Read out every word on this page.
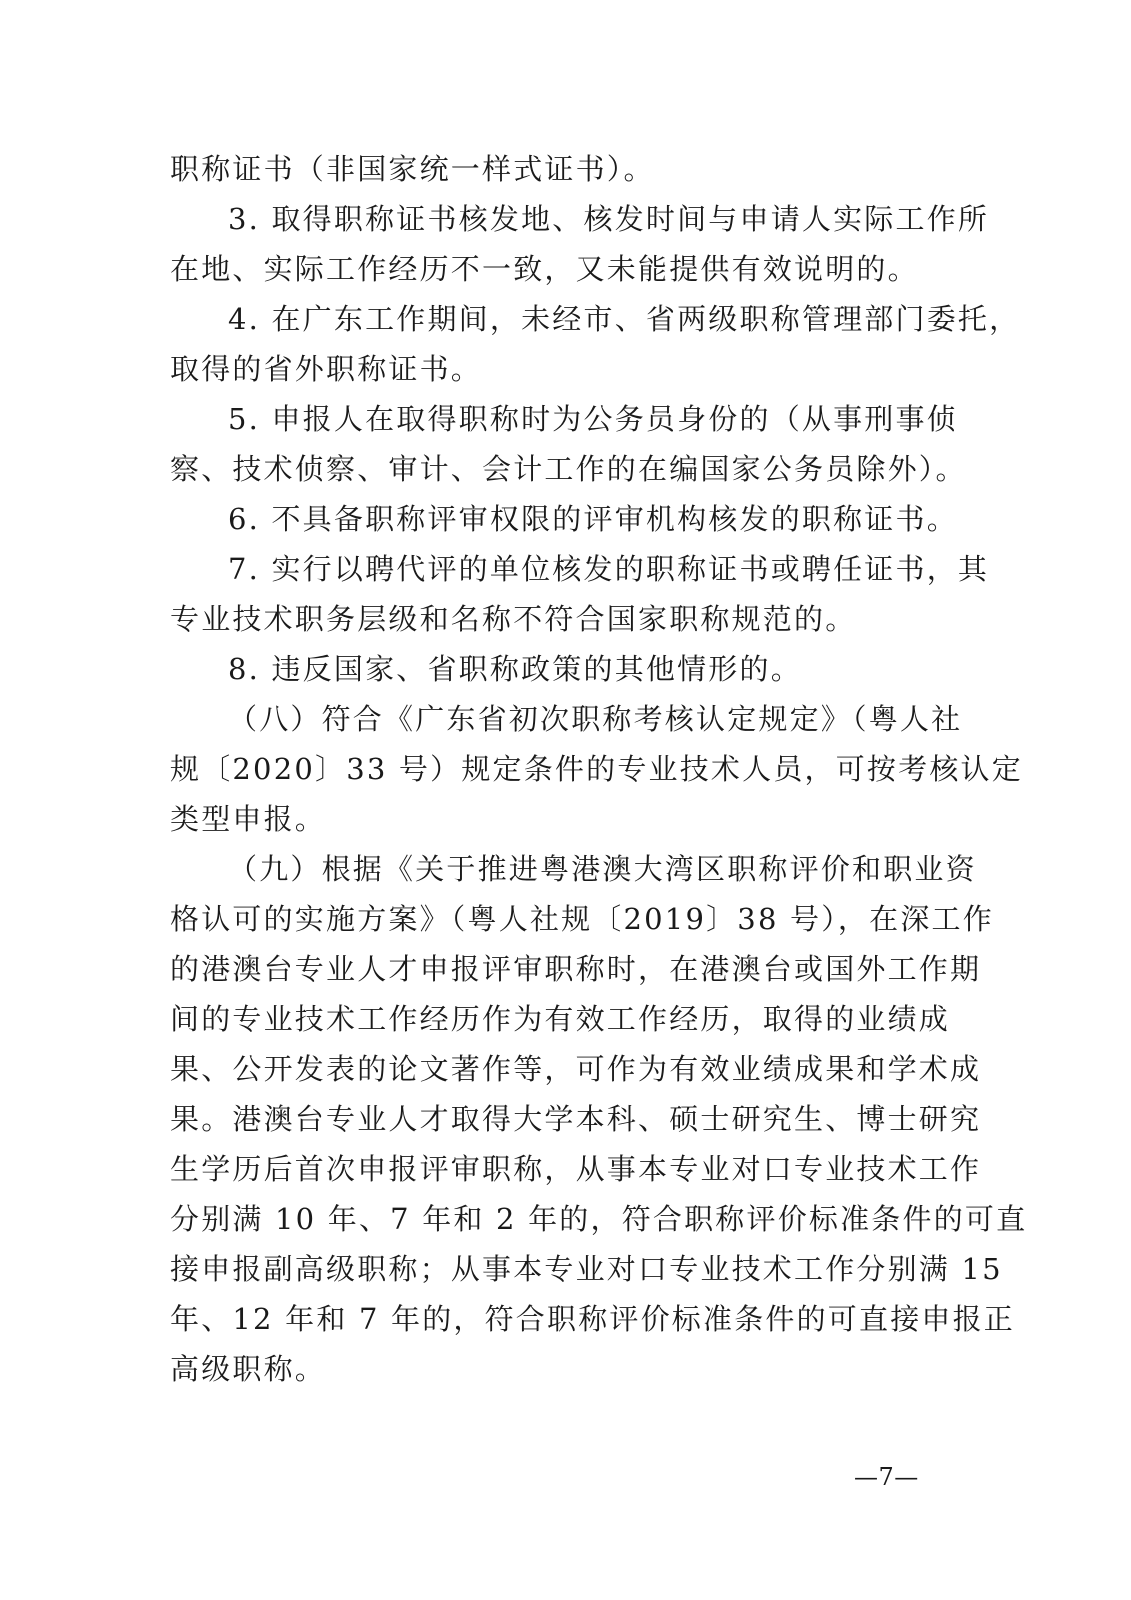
职称证书（非国家统一样式证书）。
3. 取得职称证书核发地、核发时间与申请人实际工作所
在地、实际工作经历不一致，又未能提供有效说明的。
4. 在广东工作期间，未经市、省两级职称管理部门委托，
取得的省外职称证书。
5. 申报人在取得职称时为公务员身份的（从事刑事侦
察、技术侦察、审计、会计工作的在编国家公务员除外）。
6. 不具备职称评审权限的评审机构核发的职称证书。
7. 实行以聘代评的单位核发的职称证书或聘任证书，其
专业技术职务层级和名称不符合国家职称规范的。
8. 违反国家、省职称政策的其他情形的。
（八）符合《广东省初次职称考核认定规定》（粤人社
规〔2020〕33 号）规定条件的专业技术人员，可按考核认定
类型申报。
（九）根据《关于推进粤港澳大湾区职称评价和职业资
格认可的实施方案》（粤人社规〔2019〕38 号），在深工作
的港澳台专业人才申报评审职称时，在港澳台或国外工作期
间的专业技术工作经历作为有效工作经历，取得的业绩成
果、公开发表的论文著作等，可作为有效业绩成果和学术成
果。港澳台专业人才取得大学本科、硕士研究生、博士研究
生学历后首次申报评审职称，从事本专业对口专业技术工作
分别满 10 年、7 年和 2 年的，符合职称评价标准条件的可直
接申报副高级职称；从事本专业对口专业技术工作分别满 15
年、12 年和 7 年的，符合职称评价标准条件的可直接申报正
高级职称。
—7—
